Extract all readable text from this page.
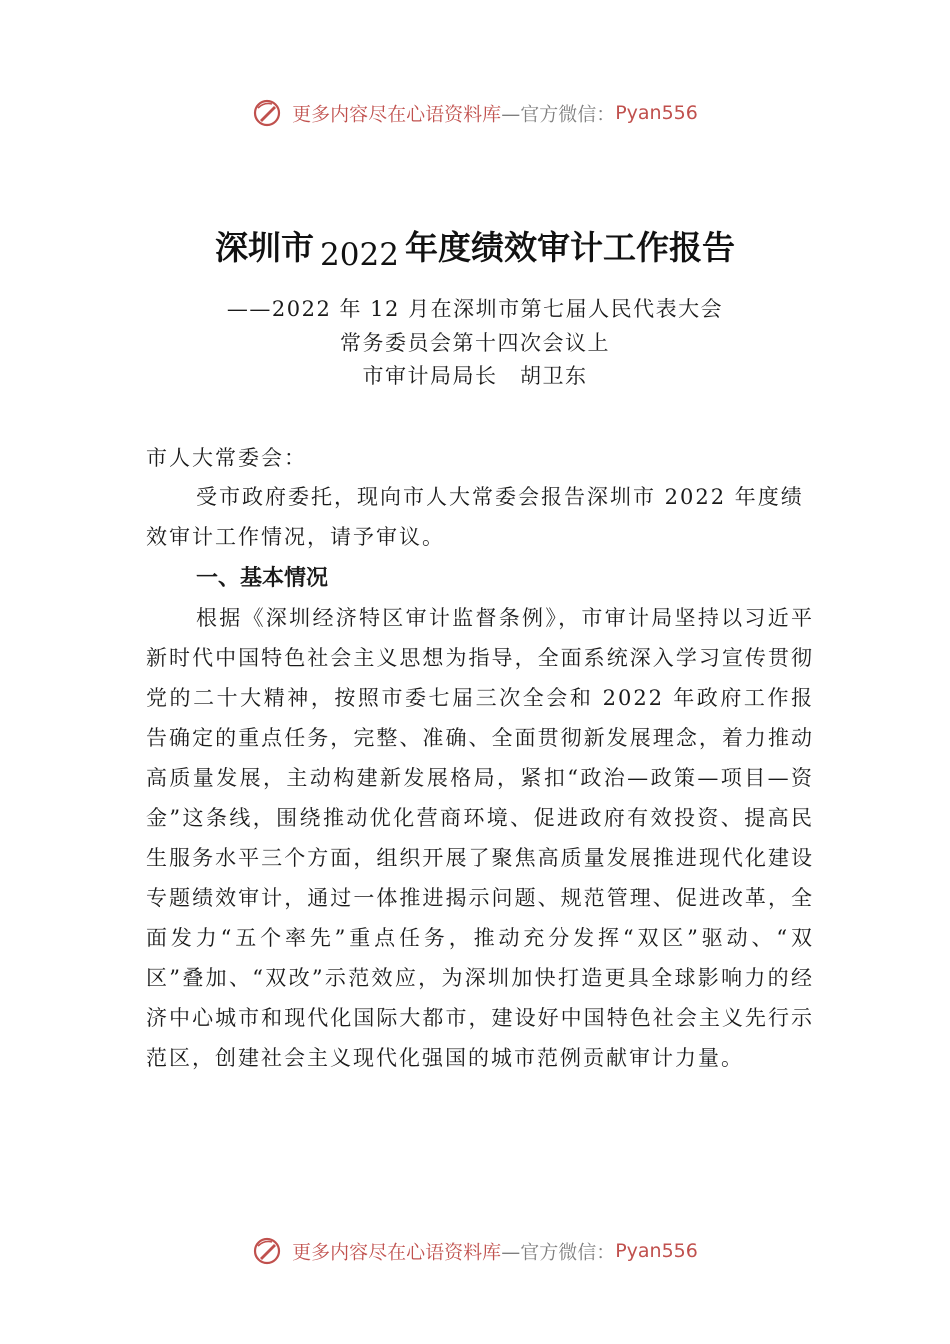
更多内容尽在心语资料库—官方微信：Pyan556
深圳市 2022 年度绩效审计工作报告
——2022 年 12 月在深圳市第七届人民代表大会
常务委员会第十四次会议上
市审计局局长　胡卫东
市人大常委会：
受市政府委托，现向市人大常委会报告深圳市 2022 年度绩效审计工作情况，请予审议。
一、基本情况
根据《深圳经济特区审计监督条例》，市审计局坚持以习近平新时代中国特色社会主义思想为指导，全面系统深入学习宣传贯彻党的二十大精神，按照市委七届三次全会和 2022 年政府工作报告确定的重点任务，完整、准确、全面贯彻新发展理念，着力推动高质量发展，主动构建新发展格局，紧扣“政治—政策—项目—资金”这条线，围绕推动优化营商环境、促进政府有效投资、提高民生服务水平三个方面，组织开展了聚焦高质量发展推进现代化建设专题绩效审计，通过一体推进揭示问题、规范管理、促进改革，全面发力“五个率先”重点任务，推动充分发挥“双区”驱动、“双区”叠加、“双改”示范效应，为深圳加快打造更具全球影响力的经济中心城市和现代化国际大都市，建设好中国特色社会主义先行示范区，创建社会主义现代化强国的城市范例贡献审计力量。
更多内容尽在心语资料库—官方微信：Pyan556
